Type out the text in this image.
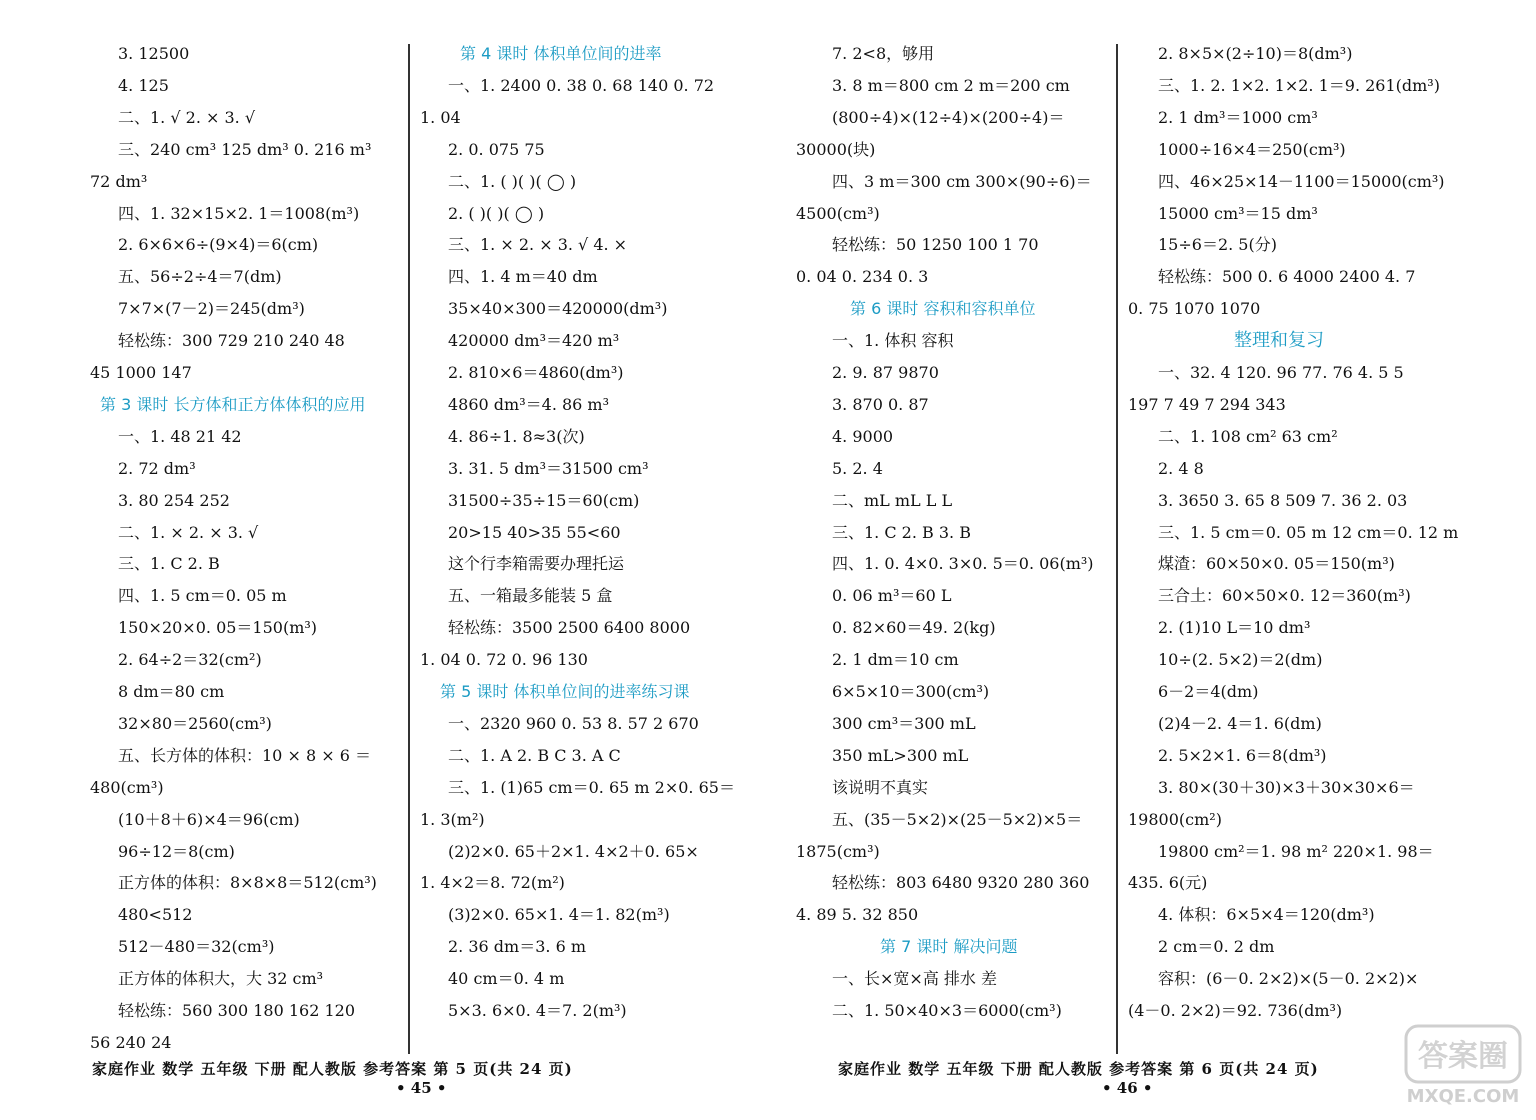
家庭作业 数学 五年级 下册 配人教版 参考答案 第 5 页(共 24 页)
• 45 •
家庭作业 数学 五年级 下册 配人教版 参考答案 第 6 页(共 24 页)
• 46 •
3. 12500
4. 125
二、1. √ 2. × 3. √
三、240 cm³ 125 dm³ 0. 216 m³
72 dm³
四、1. 32×15×2. 1＝1008(m³)
2. 6×6×6÷(9×4)＝6(cm)
五、56÷2÷4＝7(dm)
7×7×(7－2)＝245(dm³)
轻松练：300 729 210 240 48
45 1000 147
第 3 课时 长方体和正方体体积的应用
一、1. 48 21 42
2. 72 dm³
3. 80 254 252
二、1. × 2. × 3. √
三、1. C 2. B
四、1. 5 cm＝0. 05 m
150×20×0. 05＝150(m³)
2. 64÷2＝32(cm²)
8 dm＝80 cm
32×80＝2560(cm³)
五、长方体的体积：10 × 8 × 6 ＝
480(cm³)
(10＋8＋6)×4＝96(cm)
96÷12＝8(cm)
正方体的体积：8×8×8＝512(cm³)
480<512
512－480＝32(cm³)
正方体的体积大，大 32 cm³
轻松练：560 300 180 162 120
56 240 24
第 4 课时 体积单位间的进率
一、1. 2400 0. 38 0. 68 140 0. 72
1. 04
2. 0. 075 75
二、1. ( )( )( ◯ )
2. ( )( )( ◯ )
三、1. × 2. × 3. √ 4. ×
四、1. 4 m＝40 dm
35×40×300＝420000(dm³)
420000 dm³＝420 m³
2. 810×6＝4860(dm³)
4860 dm³＝4. 86 m³
4. 86÷1. 8≈3(次)
3. 31. 5 dm³＝31500 cm³
31500÷35÷15＝60(cm)
20>15 40>35 55<60
这个行李箱需要办理托运
五、一箱最多能装 5 盒
轻松练：3500 2500 6400 8000
1. 04 0. 72 0. 96 130
第 5 课时 体积单位间的进率练习课
一、2320 960 0. 53 8. 57 2 670
二、1. A 2. B C 3. A C
三、1. (1)65 cm＝0. 65 m 2×0. 65＝
1. 3(m²)
(2)2×0. 65＋2×1. 4×2＋0. 65×
1. 4×2＝8. 72(m²)
(3)2×0. 65×1. 4＝1. 82(m³)
2. 36 dm＝3. 6 m
40 cm＝0. 4 m
5×3. 6×0. 4＝7. 2(m³)
7. 2<8，够用
3. 8 m＝800 cm 2 m＝200 cm
(800÷4)×(12÷4)×(200÷4)＝
30000(块)
四、3 m＝300 cm 300×(90÷6)＝
4500(cm³)
轻松练：50 1250 100 1 70
0. 04 0. 234 0. 3
第 6 课时 容积和容积单位
一、1. 体积 容积
2. 9. 87 9870
3. 870 0. 87
4. 9000
5. 2. 4
二、mL mL L L
三、1. C 2. B 3. B
四、1. 0. 4×0. 3×0. 5＝0. 06(m³)
0. 06 m³＝60 L
0. 82×60＝49. 2(kg)
2. 1 dm＝10 cm
6×5×10＝300(cm³)
300 cm³＝300 mL
350 mL>300 mL
该说明不真实
五、(35－5×2)×(25－5×2)×5＝
1875(cm³)
轻松练：803 6480 9320 280 360
4. 89 5. 32 850
第 7 课时 解决问题
一、长×宽×高 排水 差
二、1. 50×40×3＝6000(cm³)
2. 8×5×(2÷10)＝8(dm³)
三、1. 2. 1×2. 1×2. 1＝9. 261(dm³)
2. 1 dm³＝1000 cm³
1000÷16×4＝250(cm³)
四、46×25×14－1100＝15000(cm³)
15000 cm³＝15 dm³
15÷6＝2. 5(分)
轻松练：500 0. 6 4000 2400 4. 7
0. 75 1070 1070
整理和复习
一、32. 4 120. 96 77. 76 4. 5 5
197 7 49 7 294 343
二、1. 108 cm² 63 cm²
2. 4 8
3. 3650 3. 65 8 509 7. 36 2. 03
三、1. 5 cm＝0. 05 m 12 cm＝0. 12 m
煤渣：60×50×0. 05＝150(m³)
三合土：60×50×0. 12＝360(m³)
2. (1)10 L＝10 dm³
10÷(2. 5×2)＝2(dm)
6－2＝4(dm)
(2)4－2. 4＝1. 6(dm)
2. 5×2×1. 6＝8(dm³)
3. 80×(30＋30)×3＋30×30×6＝
19800(cm²)
19800 cm²＝1. 98 m² 220×1. 98＝
435. 6(元)
4. 体积：6×5×4＝120(dm³)
2 cm＝0. 2 dm
容积：(6－0. 2×2)×(5－0. 2×2)×
(4－0. 2×2)＝92. 736(dm³)
答案圈
MXQE.COM
